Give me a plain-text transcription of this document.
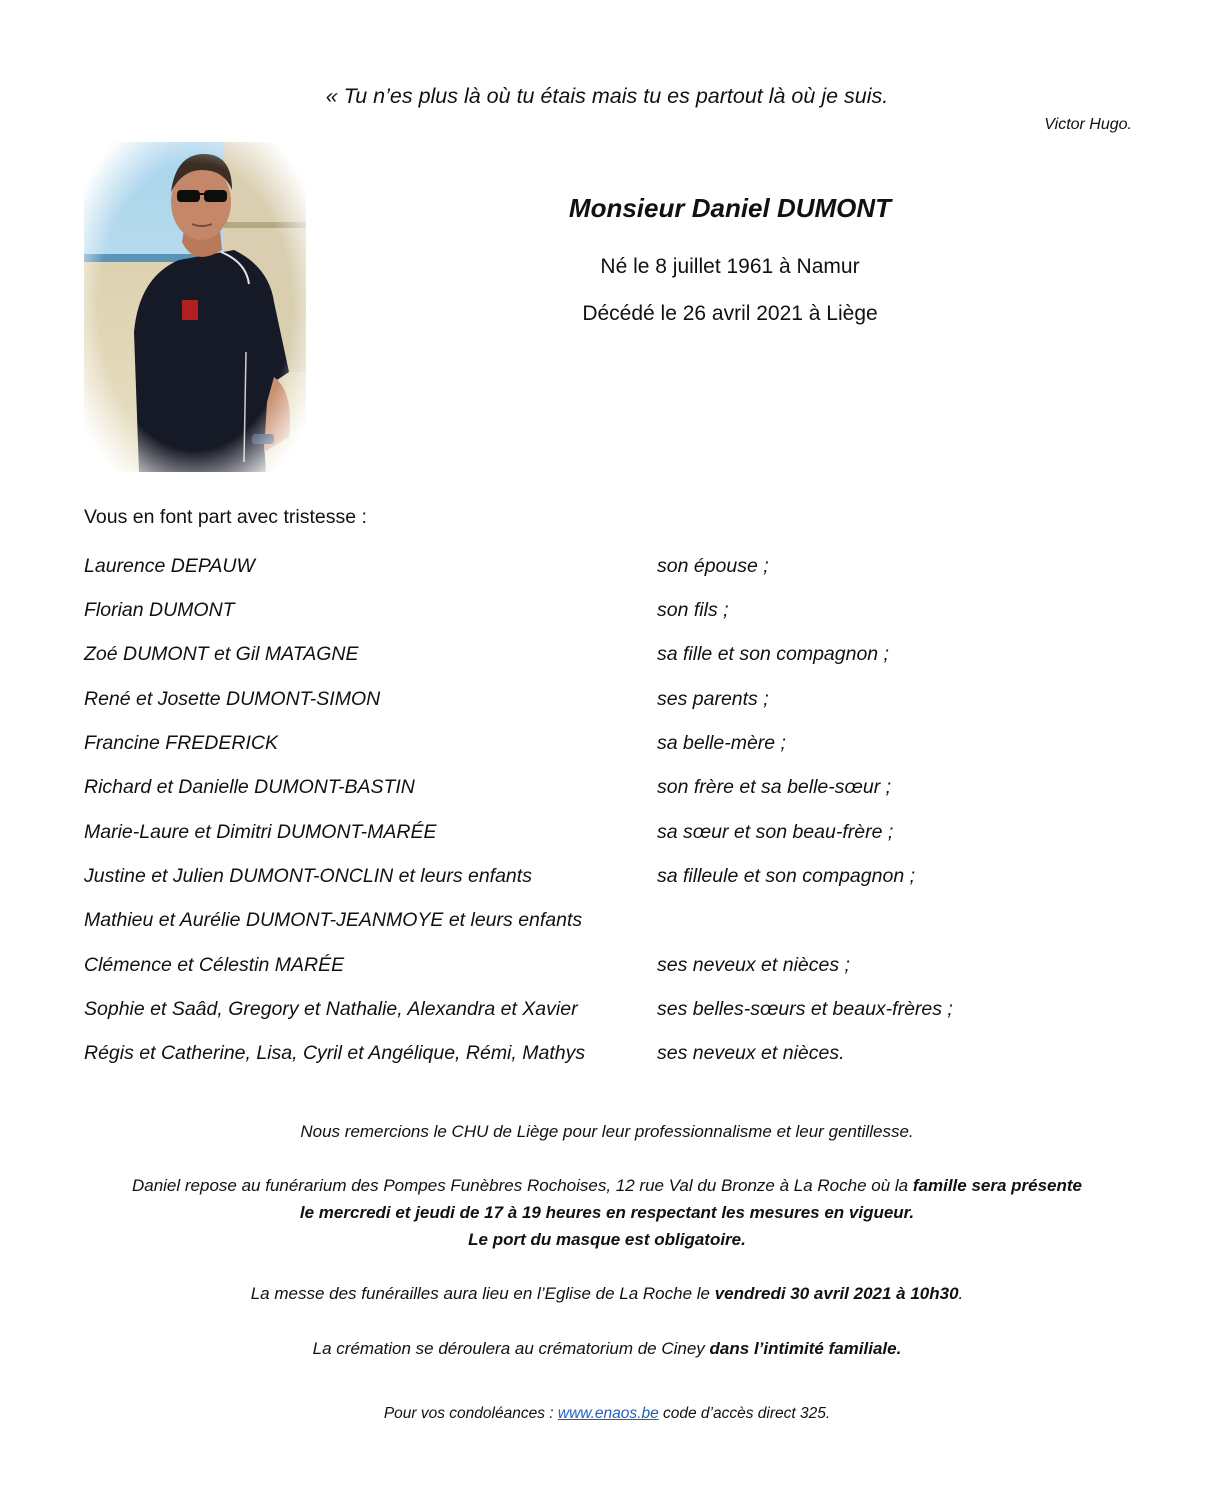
« Tu n’es plus là où tu étais mais tu es partout là où je suis.
Victor Hugo.
Monsieur Daniel DUMONT
Né le 8 juillet 1961 à Namur
Décédé le 26 avril 2021 à Liège
Vous en font part avec tristesse :
Laurence DEPAUW	son épouse ;
Florian DUMONT	son fils ;
Zoé DUMONT et Gil MATAGNE	sa fille et son compagnon ;
René et Josette DUMONT-SIMON	ses parents ;
Francine FREDERICK	sa belle-mère ;
Richard et Danielle DUMONT-BASTIN	son frère et sa belle-sœur ;
Marie-Laure et Dimitri DUMONT-MARÉE	sa sœur et son beau-frère ;
Justine et Julien DUMONT-ONCLIN et leurs enfants	sa filleule et son compagnon ;
Mathieu et Aurélie DUMONT-JEANMOYE et leurs enfants
Clémence et Célestin MARÉE	ses neveux et nièces ;
Sophie et Saâd, Gregory et Nathalie, Alexandra et Xavier	ses belles-sœurs et beaux-frères ;
Régis et Catherine, Lisa, Cyril et Angélique, Rémi, Mathys	ses neveux et nièces.
Nous remercions le CHU de Liège pour leur professionnalisme et leur gentillesse.
Daniel repose au funérarium des Pompes Funèbres Rochoises, 12 rue Val du Bronze à La Roche où la famille sera présente
le mercredi et jeudi de 17 à 19 heures en respectant les mesures en vigueur.
Le port du masque est obligatoire.
La messe des funérailles aura lieu en l’Eglise de La Roche le vendredi 30 avril 2021 à 10h30.
La crémation se déroulera au crématorium de Ciney dans l’intimité familiale.
Pour vos condoléances : www.enaos.be code d’accès direct 325.
